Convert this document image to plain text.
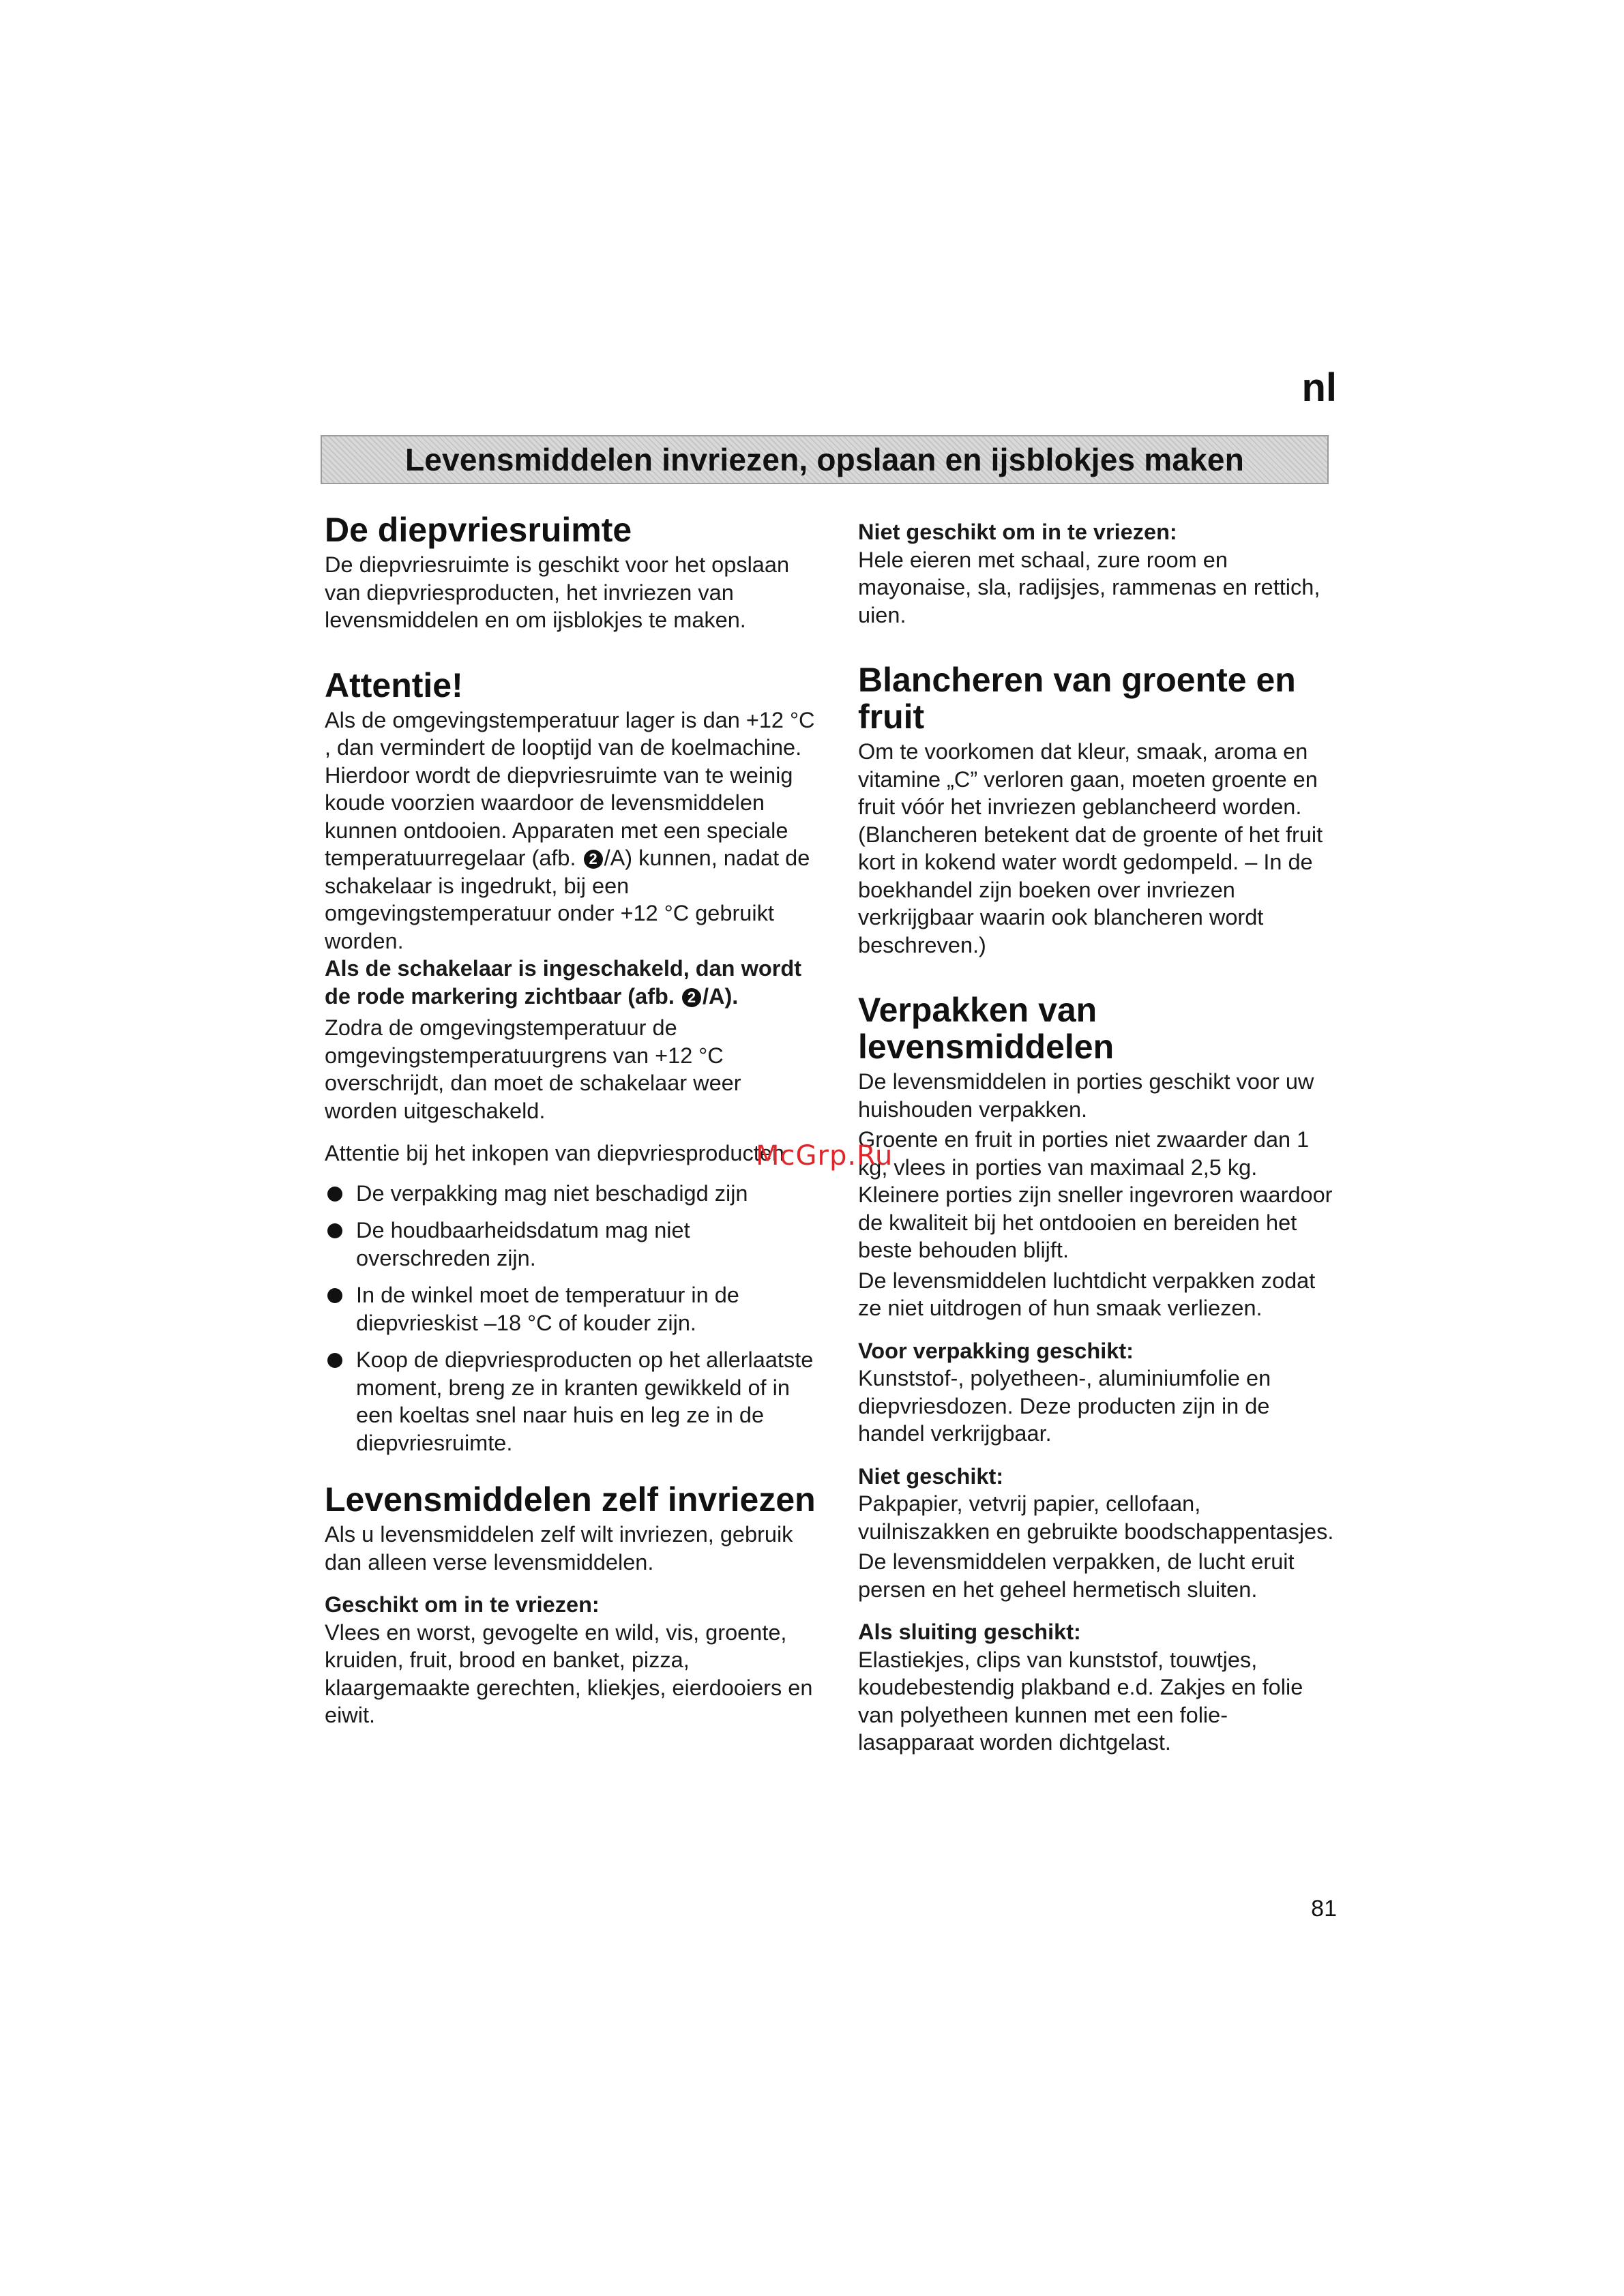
nl
Levensmiddelen invriezen, opslaan en ijsblokjes maken
De diepvriesruimte

De diepvriesruimte is geschikt voor het opslaan van diepvriesproducten, het invriezen van levensmiddelen en om ijsblokjes te maken.

Attentie!

Als de omgevingstemperatuur lager is dan +12 °C , dan vermindert de looptijd van de koelmachine. Hierdoor wordt de diepvriesruimte van te weinig koude voorzien waardoor de levensmiddelen kunnen ontdooien. Apparaten met een speciale temperatuurregelaar (afb. 2 /A) kunnen, nadat de schakelaar is ingedrukt, bij een omgevingstemperatuur onder +12 °C gebruikt worden.

Als de schakelaar is ingeschakeld, dan wordt de rode markering zichtbaar (afb. 2 /A).

Zodra de omgevingstemperatuur de omgevingstemperatuurgrens van +12 °C overschrijdt, dan moet de schakelaar weer worden uitgeschakeld.

Attentie bij het inkopen van diepvriesproducten

De verpakking mag niet beschadigd zijn
De houdbaarheidsdatum mag niet overschreden zijn.
In de winkel moet de temperatuur in de diepvrieskist –18 °C of kouder zijn.
Koop de diepvriesproducten op het allerlaatste moment, breng ze in kranten gewikkeld of in een koeltas snel naar huis en leg ze in de diepvriesruimte.
Levensmiddelen zelf invriezen

Als u levensmiddelen zelf wilt invriezen, gebruik dan alleen verse levensmiddelen.

Geschikt om in te vriezen:

Vlees en worst, gevogelte en wild, vis, groente, kruiden, fruit, brood en banket, pizza, klaargemaakte gerechten, kliekjes, eierdooiers en eiwit.

Niet geschikt om in te vriezen:

Hele eieren met schaal, zure room en mayonaise, sla, radijsjes, rammenas en rettich, uien.

Blancheren van groente en fruit

Om te voorkomen dat kleur, smaak, aroma en vitamine „C” verloren gaan, moeten groente en fruit vóór het invriezen geblancheerd worden. (Blancheren betekent dat de groente of het fruit kort in kokend water wordt gedompeld. – In de boekhandel zijn boeken over invriezen verkrijgbaar waarin ook blancheren wordt beschreven.)

Verpakken van levensmiddelen

De levensmiddelen in porties geschikt voor uw huishouden verpakken.

Groente en fruit in porties niet zwaarder dan 1 kg, vlees in porties van maximaal 2,5 kg. Kleinere porties zijn sneller ingevroren waardoor de kwaliteit bij het ontdooien en bereiden het beste behouden blijft.

De levensmiddelen luchtdicht verpakken zodat ze niet uitdrogen of hun smaak verliezen.

Voor verpakking geschikt:

Kunststof-, polyetheen-, aluminiumfolie en diepvriesdozen. Deze producten zijn in de handel verkrijgbaar.

Niet geschikt:

Pakpapier, vetvrij papier, cellofaan, vuilniszakken en gebruikte boodschappentasjes.

De levensmiddelen verpakken, de lucht eruit persen en het geheel hermetisch sluiten.

Als sluiting geschikt:

Elastiekjes, clips van kunststof, touwtjes, koudebestendig plakband e.d. Zakjes en folie van polyetheen kunnen met een folie-lasapparaat worden dichtgelast.

McGrp.Ru
81
